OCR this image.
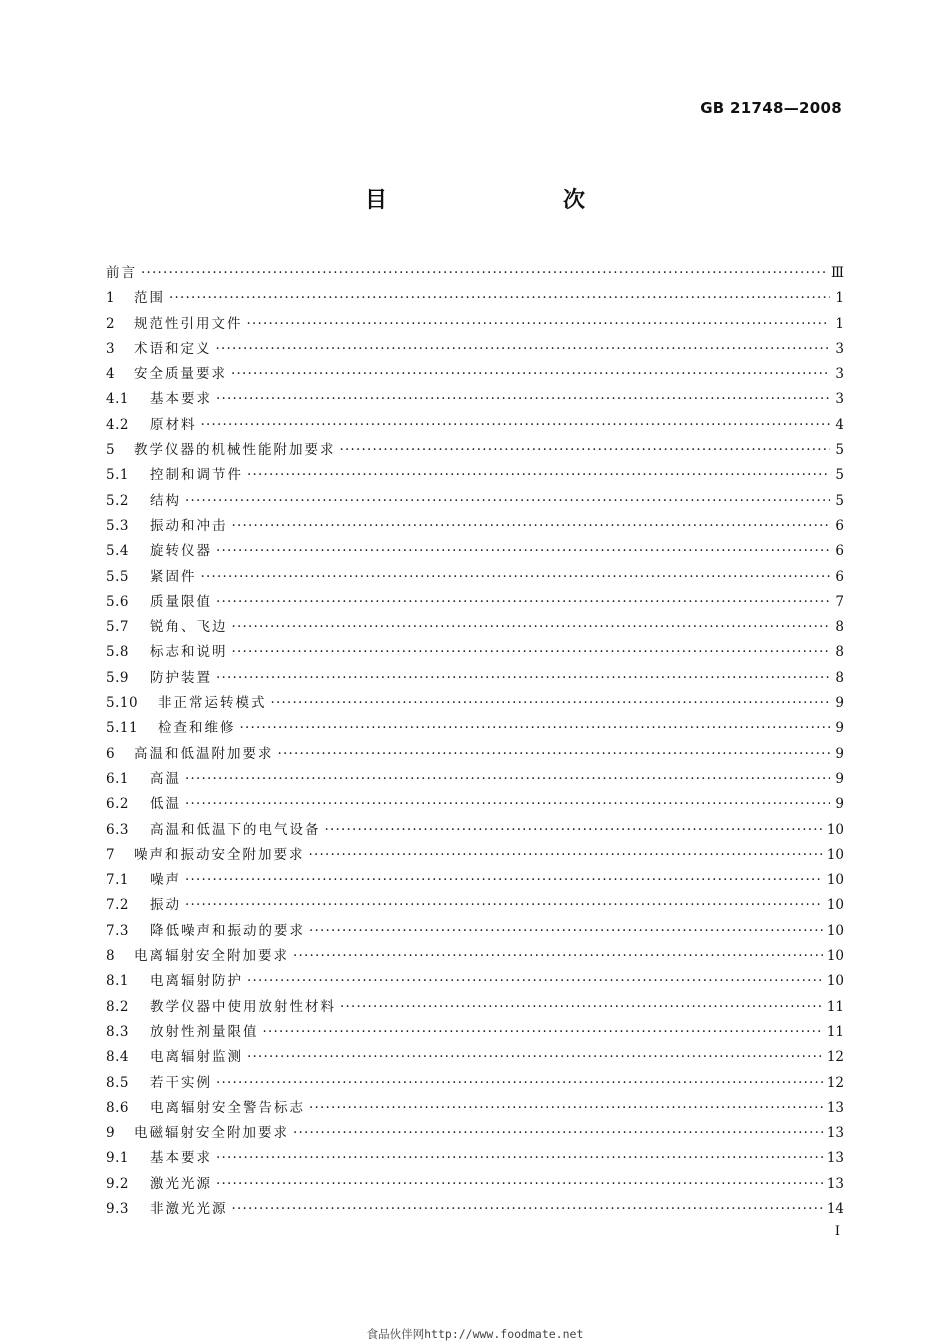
GB 21748—2008
目　　次
前言 ·····	Ⅲ
1	范围 ·····	1
2	规范性引用文件 ·····	1
3	术语和定义 ·····	3
4	安全质量要求 ·····	3
4.1	基本要求 ·····	3
4.2	原材料 ·····	4
5	教学仪器的机械性能附加要求 ·····	5
5.1	控制和调节件 ·····	5
5.2	结构 ·····	5
5.3	振动和冲击 ·····	6
5.4	旋转仪器 ·····	6
5.5	紧固件 ·····	6
5.6	质量限值 ·····	7
5.7	锐角、飞边 ·····	8
5.8	标志和说明 ·····	8
5.9	防护装置 ·····	8
5.10	非正常运转模式 ·····	9
5.11	检查和维修 ·····	9
6	高温和低温附加要求 ·····	9
6.1	高温 ·····	9
6.2	低温 ·····	9
6.3	高温和低温下的电气设备 ·····	10
7	噪声和振动安全附加要求 ·····	10
7.1	噪声 ·····	10
7.2	振动 ·····	10
7.3	降低噪声和振动的要求 ·····	10
8	电离辐射安全附加要求 ·····	10
8.1	电离辐射防护 ·····	10
8.2	教学仪器中使用放射性材料 ·····	11
8.3	放射性剂量限值 ·····	11
8.4	电离辐射监测 ·····	12
8.5	若干实例 ·····	12
8.6	电离辐射安全警告标志 ·····	13
9	电磁辐射安全附加要求 ·····	13
9.1	基本要求 ·····	13
9.2	激光光源 ·····	13
9.3	非激光光源 ·····	14
I
食品伙伴网http://www.foodmate.net
